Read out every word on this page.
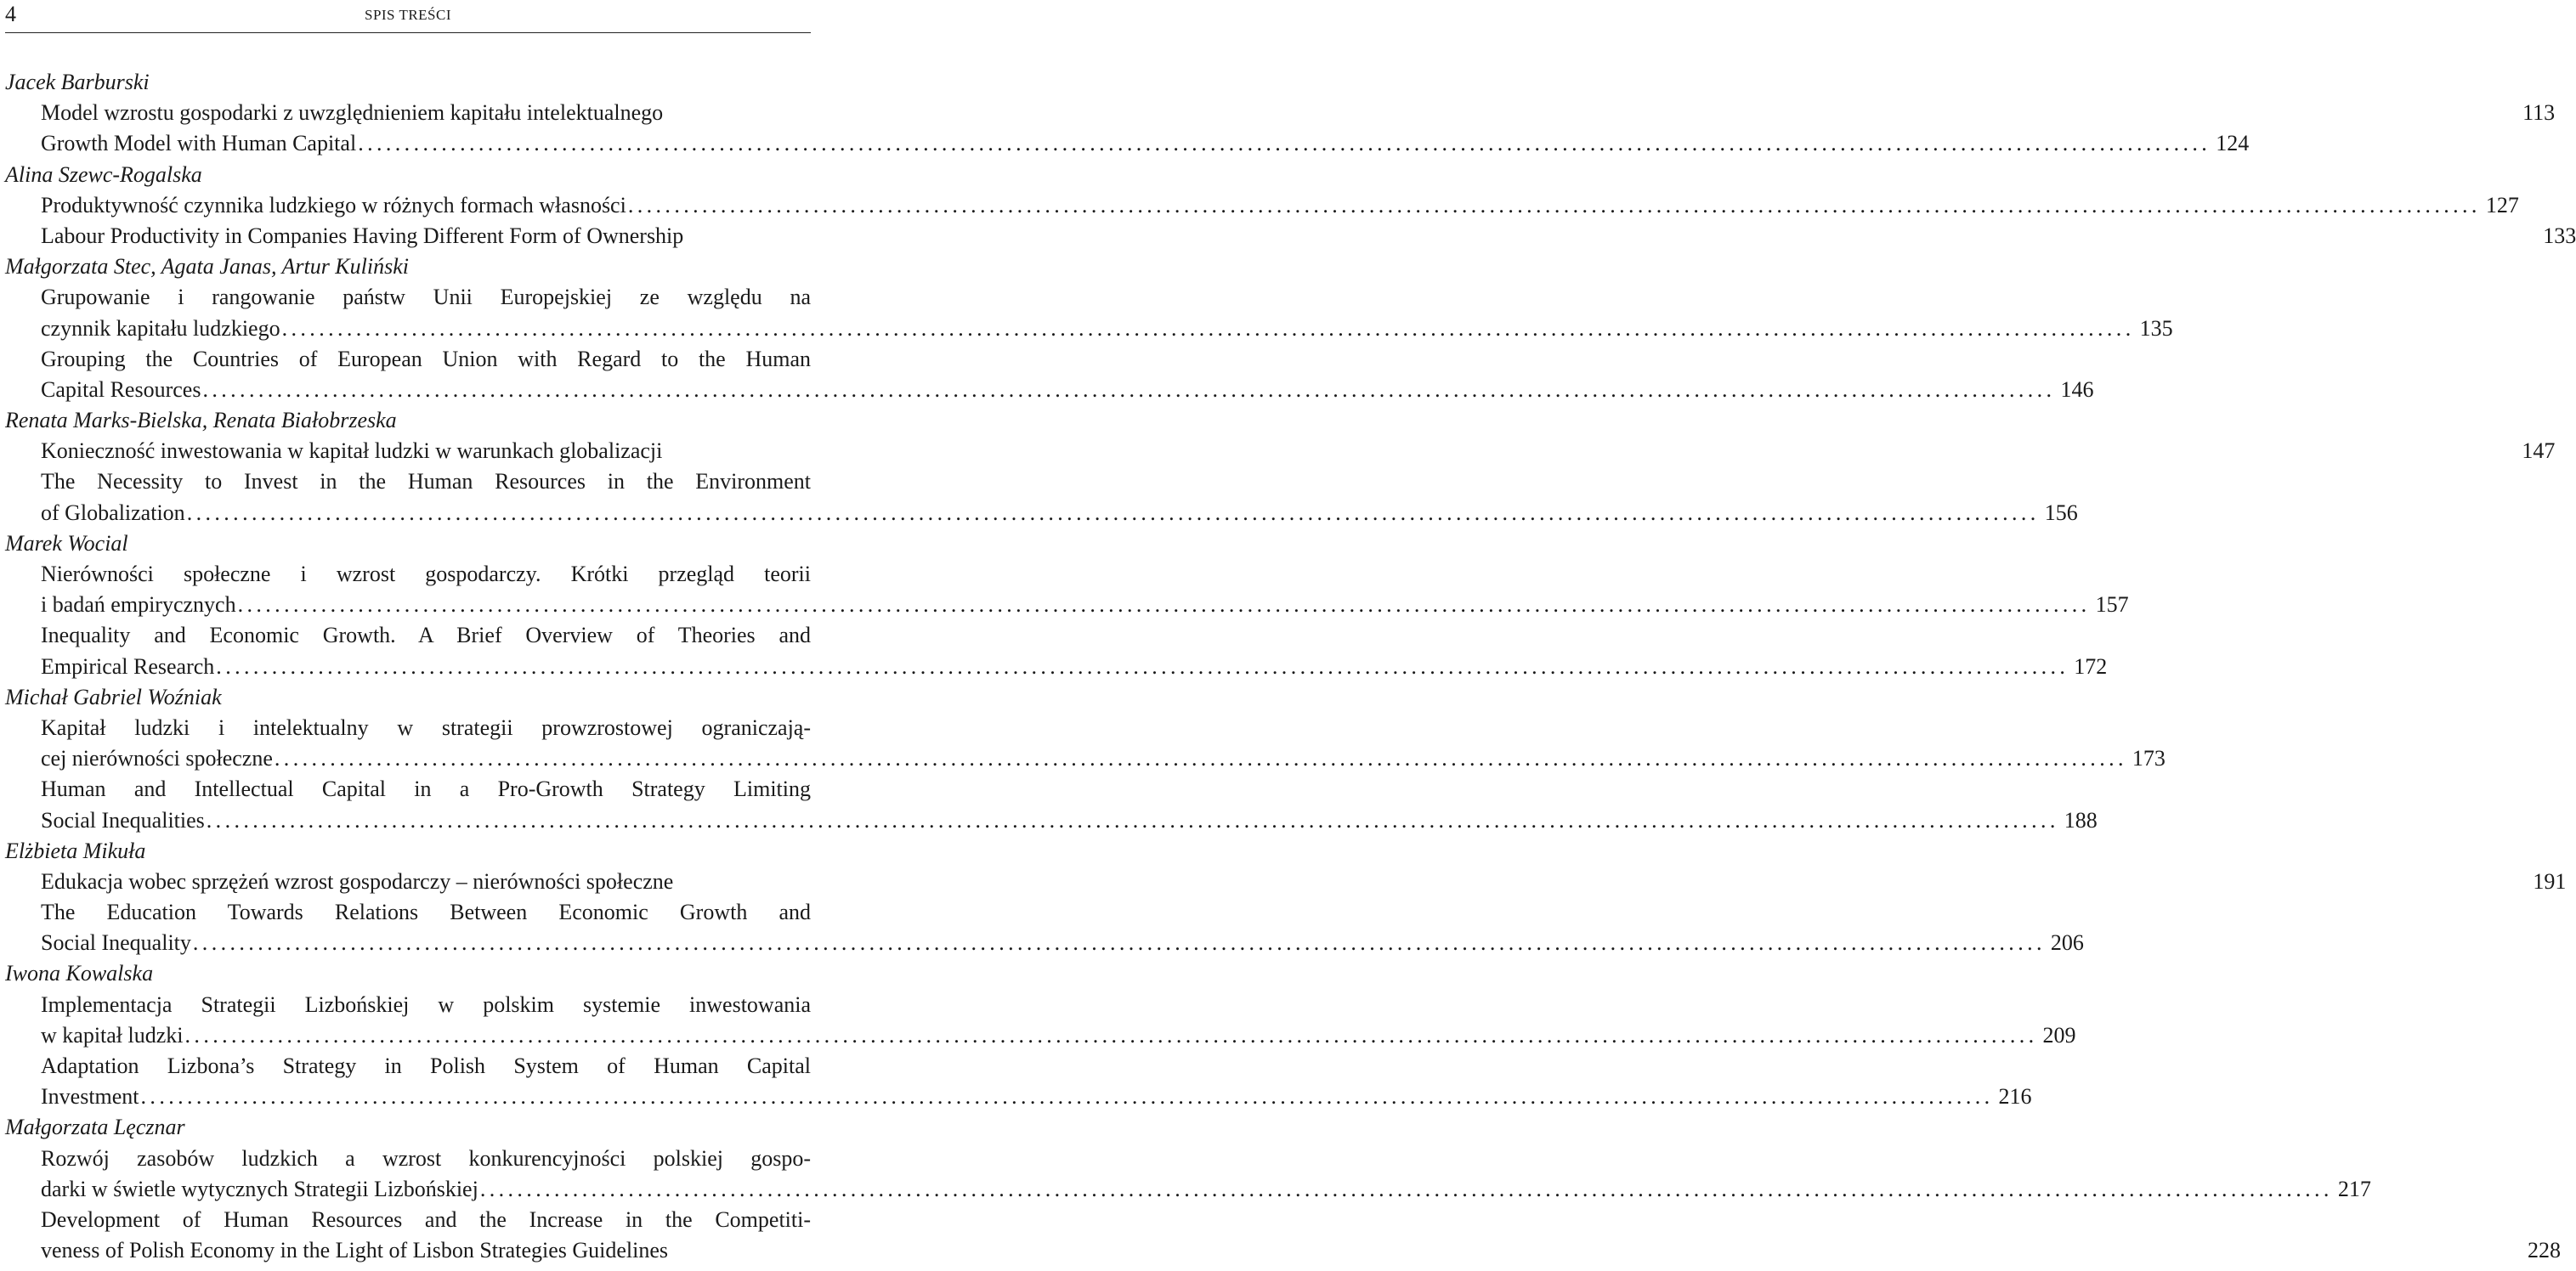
4	SPIS TREŚCI
Jacek Barburski
Model wzrostu gospodarki z uwzględnieniem kapitału intelektualnego	113
Growth Model with Human Capital ........................................................................................................................................................................................................ 124
Alina Szewc-Rogalska
Produktywność czynnika ludzkiego w różnych formach własności ........................................................................................................................................................................................................ 127
Labour Productivity in Companies Having Different Form of Ownership	133
Małgorzata Stec, Agata Janas, Artur Kuliński
Grupowanie i rangowanie państw Unii Europejskiej ze względu na
czynnik kapitału ludzkiego ........................................................................................................................................................................................................ 135
Grouping the Countries of European Union with Regard to the Human
Capital Resources ........................................................................................................................................................................................................ 146
Renata Marks-Bielska, Renata Białobrzeska
Konieczność inwestowania w kapitał ludzki w warunkach globalizacji	147
The Necessity to Invest in the Human Resources in the Environment
of Globalization ........................................................................................................................................................................................................ 156
Marek Wocial
Nierówności społeczne i wzrost gospodarczy. Krótki przegląd teorii
i badań empirycznych ........................................................................................................................................................................................................ 157
Inequality and Economic Growth. A Brief Overview of Theories and
Empirical Research ........................................................................................................................................................................................................ 172
Michał Gabriel Woźniak
Kapitał ludzki i intelektualny w strategii prowzrostowej ograniczają-
cej nierówności społeczne ........................................................................................................................................................................................................ 173
Human and Intellectual Capital in a Pro-Growth Strategy Limiting
Social Inequalities ........................................................................................................................................................................................................ 188
Elżbieta Mikuła
Edukacja wobec sprzężeń wzrost gospodarczy – nierówności społeczne	191
The Education Towards Relations Between Economic Growth and
Social Inequality ........................................................................................................................................................................................................ 206
Iwona Kowalska
Implementacja Strategii Lizbońskiej w polskim systemie inwestowania
w kapitał ludzki ........................................................................................................................................................................................................ 209
Adaptation Lizbona’s Strategy in Polish System of Human Capital
Investment ........................................................................................................................................................................................................ 216
Małgorzata Lęcznar
Rozwój zasobów ludzkich a wzrost konkurencyjności polskiej gospo-
darki w świetle wytycznych Strategii Lizbońskiej ........................................................................................................................................................................................................ 217
Development of Human Resources and the Increase in the Competiti-
veness of Polish Economy in the Light of Lisbon Strategies Guidelines	228
